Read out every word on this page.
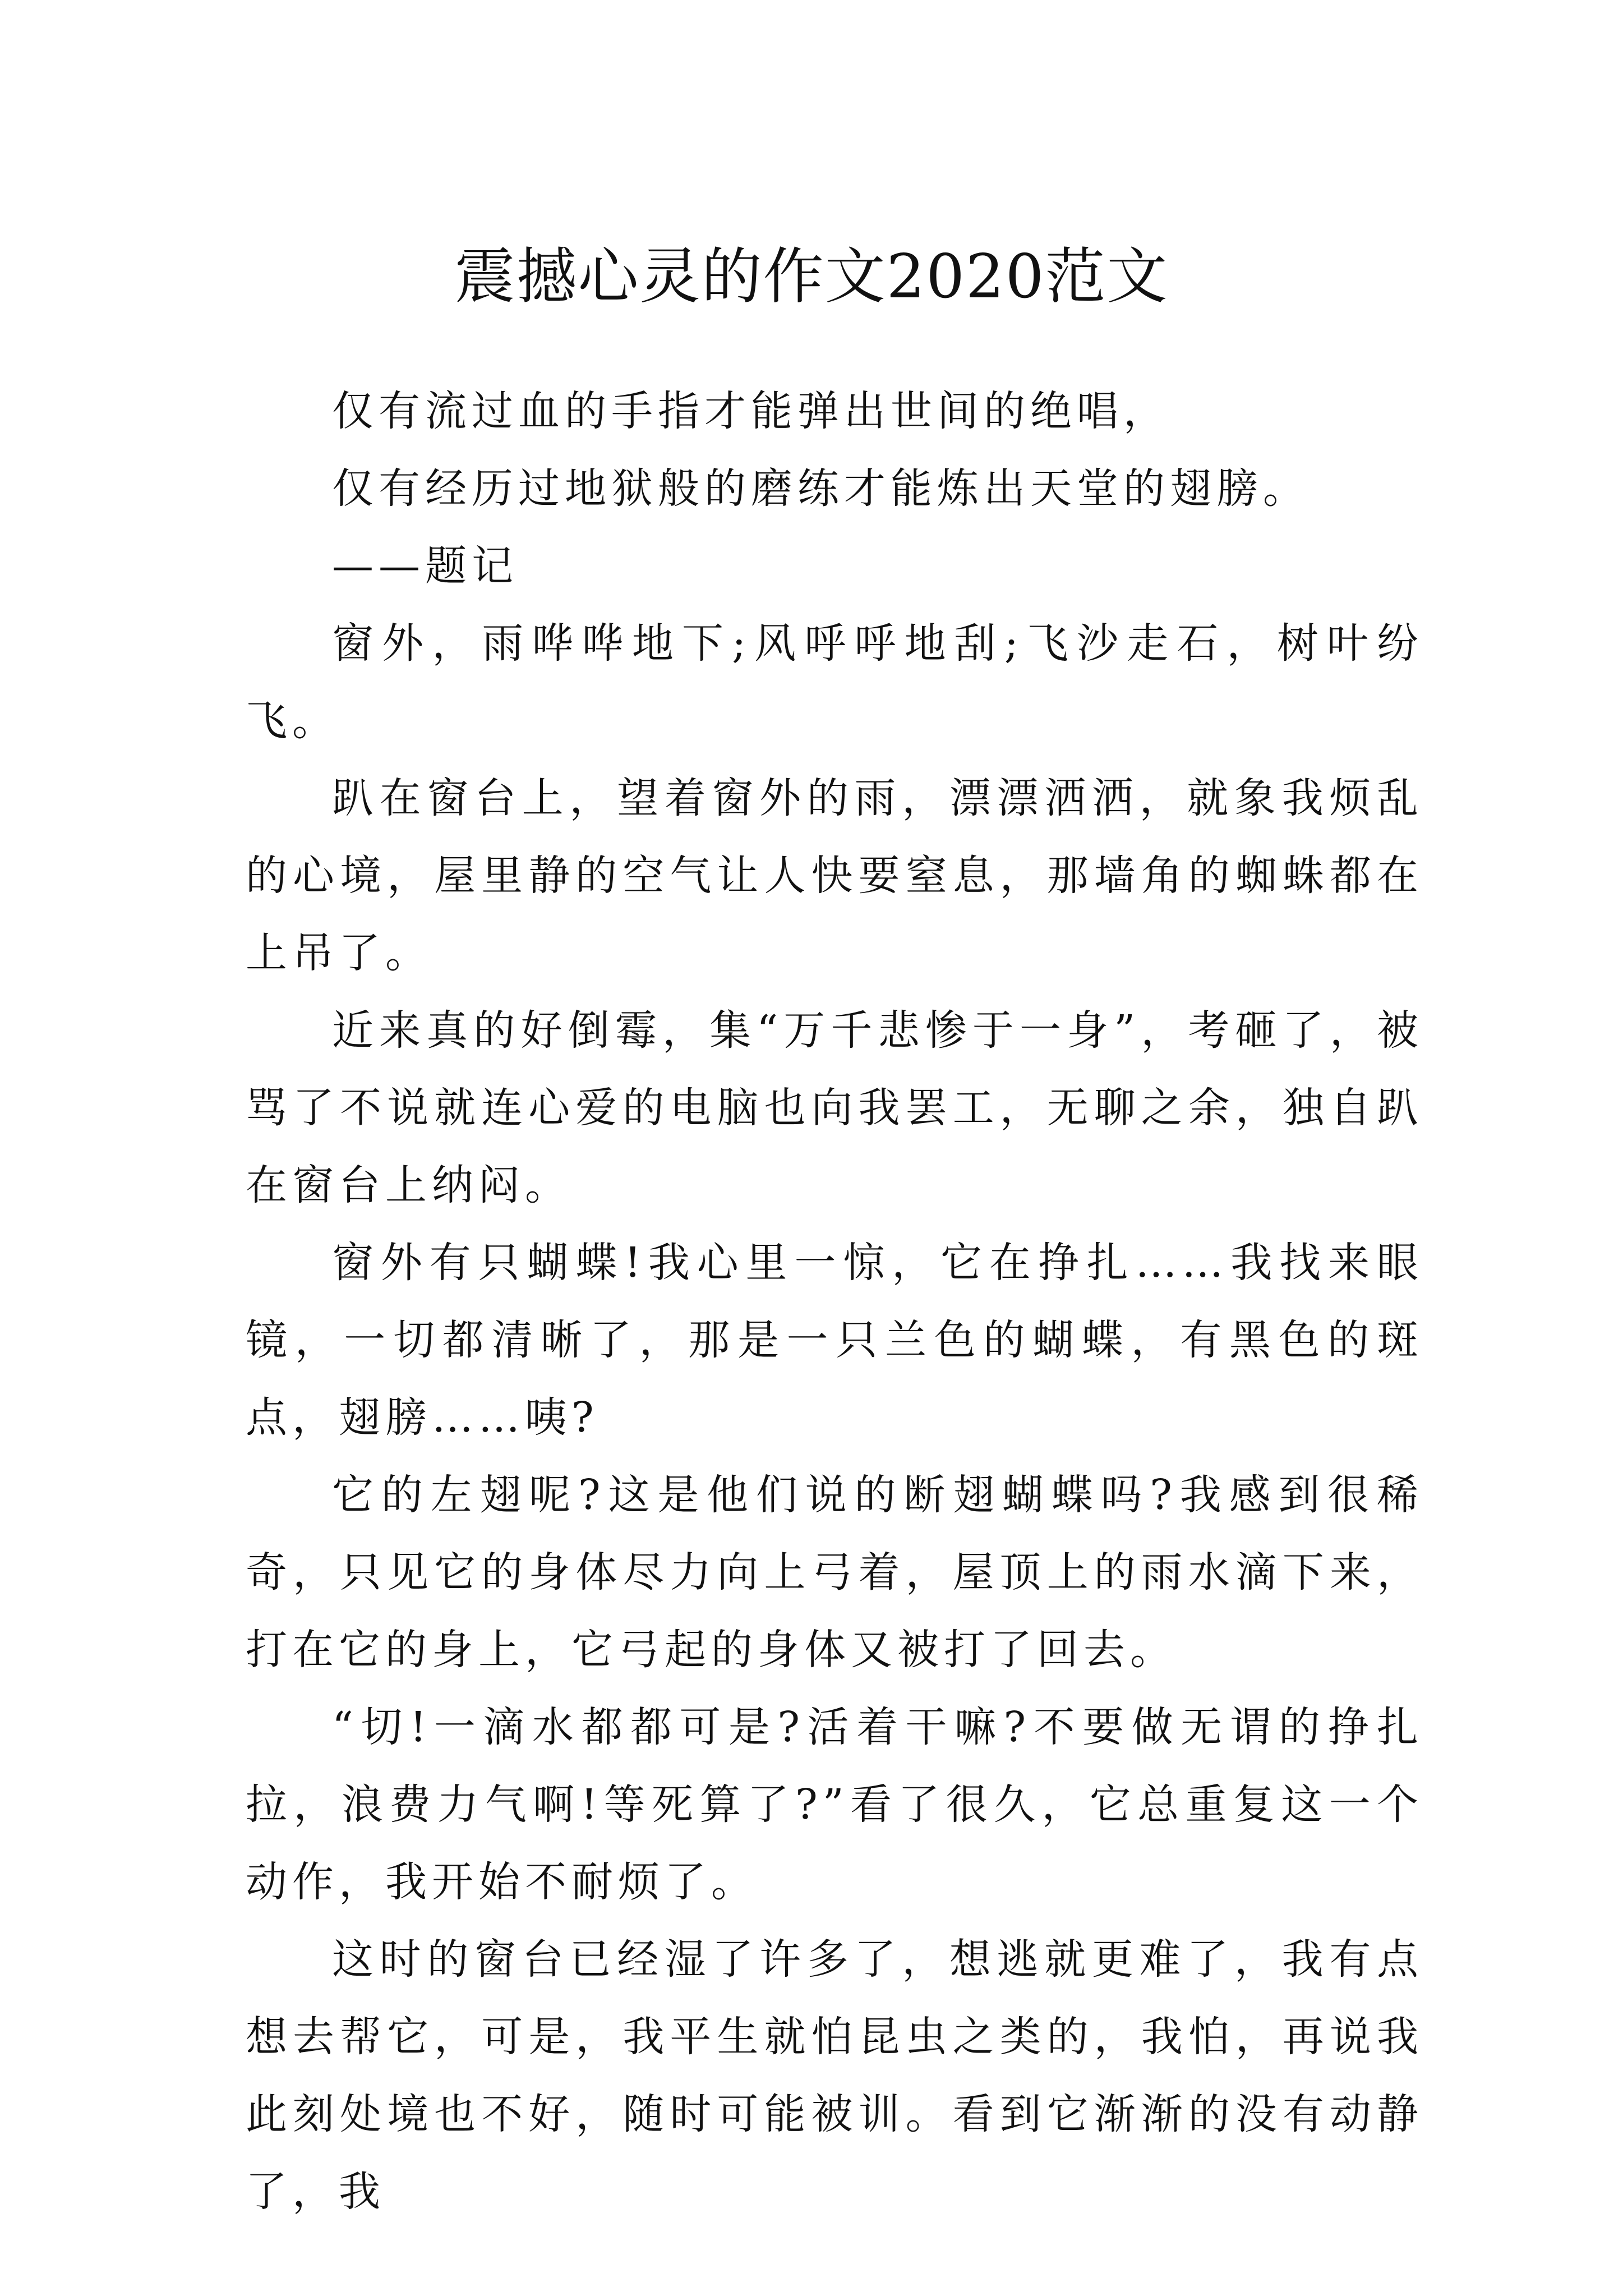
震撼心灵的作文2020范文

仅有流过血的手指才能弹出世间的绝唱，

仅有经历过地狱般的磨练才能炼出天堂的翅膀。

——题记

窗外，雨哗哗地下;风呼呼地刮;飞沙走石，树叶纷飞。

趴在窗台上，望着窗外的雨，漂漂洒洒，就象我烦乱的心境，屋里静的空气让人快要窒息，那墙角的蜘蛛都在上吊了。

近来真的好倒霉，集“万千悲惨于一身”，考砸了，被骂了不说就连心爱的电脑也向我罢工，无聊之余，独自趴在窗台上纳闷。

窗外有只蝴蝶!我心里一惊，它在挣扎……我找来眼镜，一切都清晰了，那是一只兰色的蝴蝶，有黑色的斑点，翅膀……咦?

它的左翅呢?这是他们说的断翅蝴蝶吗?我感到很稀奇，只见它的身体尽力向上弓着，屋顶上的雨水滴下来，打在它的身上，它弓起的身体又被打了回去。

“切!一滴水都都可是?活着干嘛?不要做无谓的挣扎拉，浪费力气啊!等死算了?”看了很久，它总重复这一个动作，我开始不耐烦了。

这时的窗台已经湿了许多了，想逃就更难了，我有点想去帮它，可是，我平生就怕昆虫之类的，我怕，再说我此刻处境也不好，随时可能被训。看到它渐渐的没有动静了，我
